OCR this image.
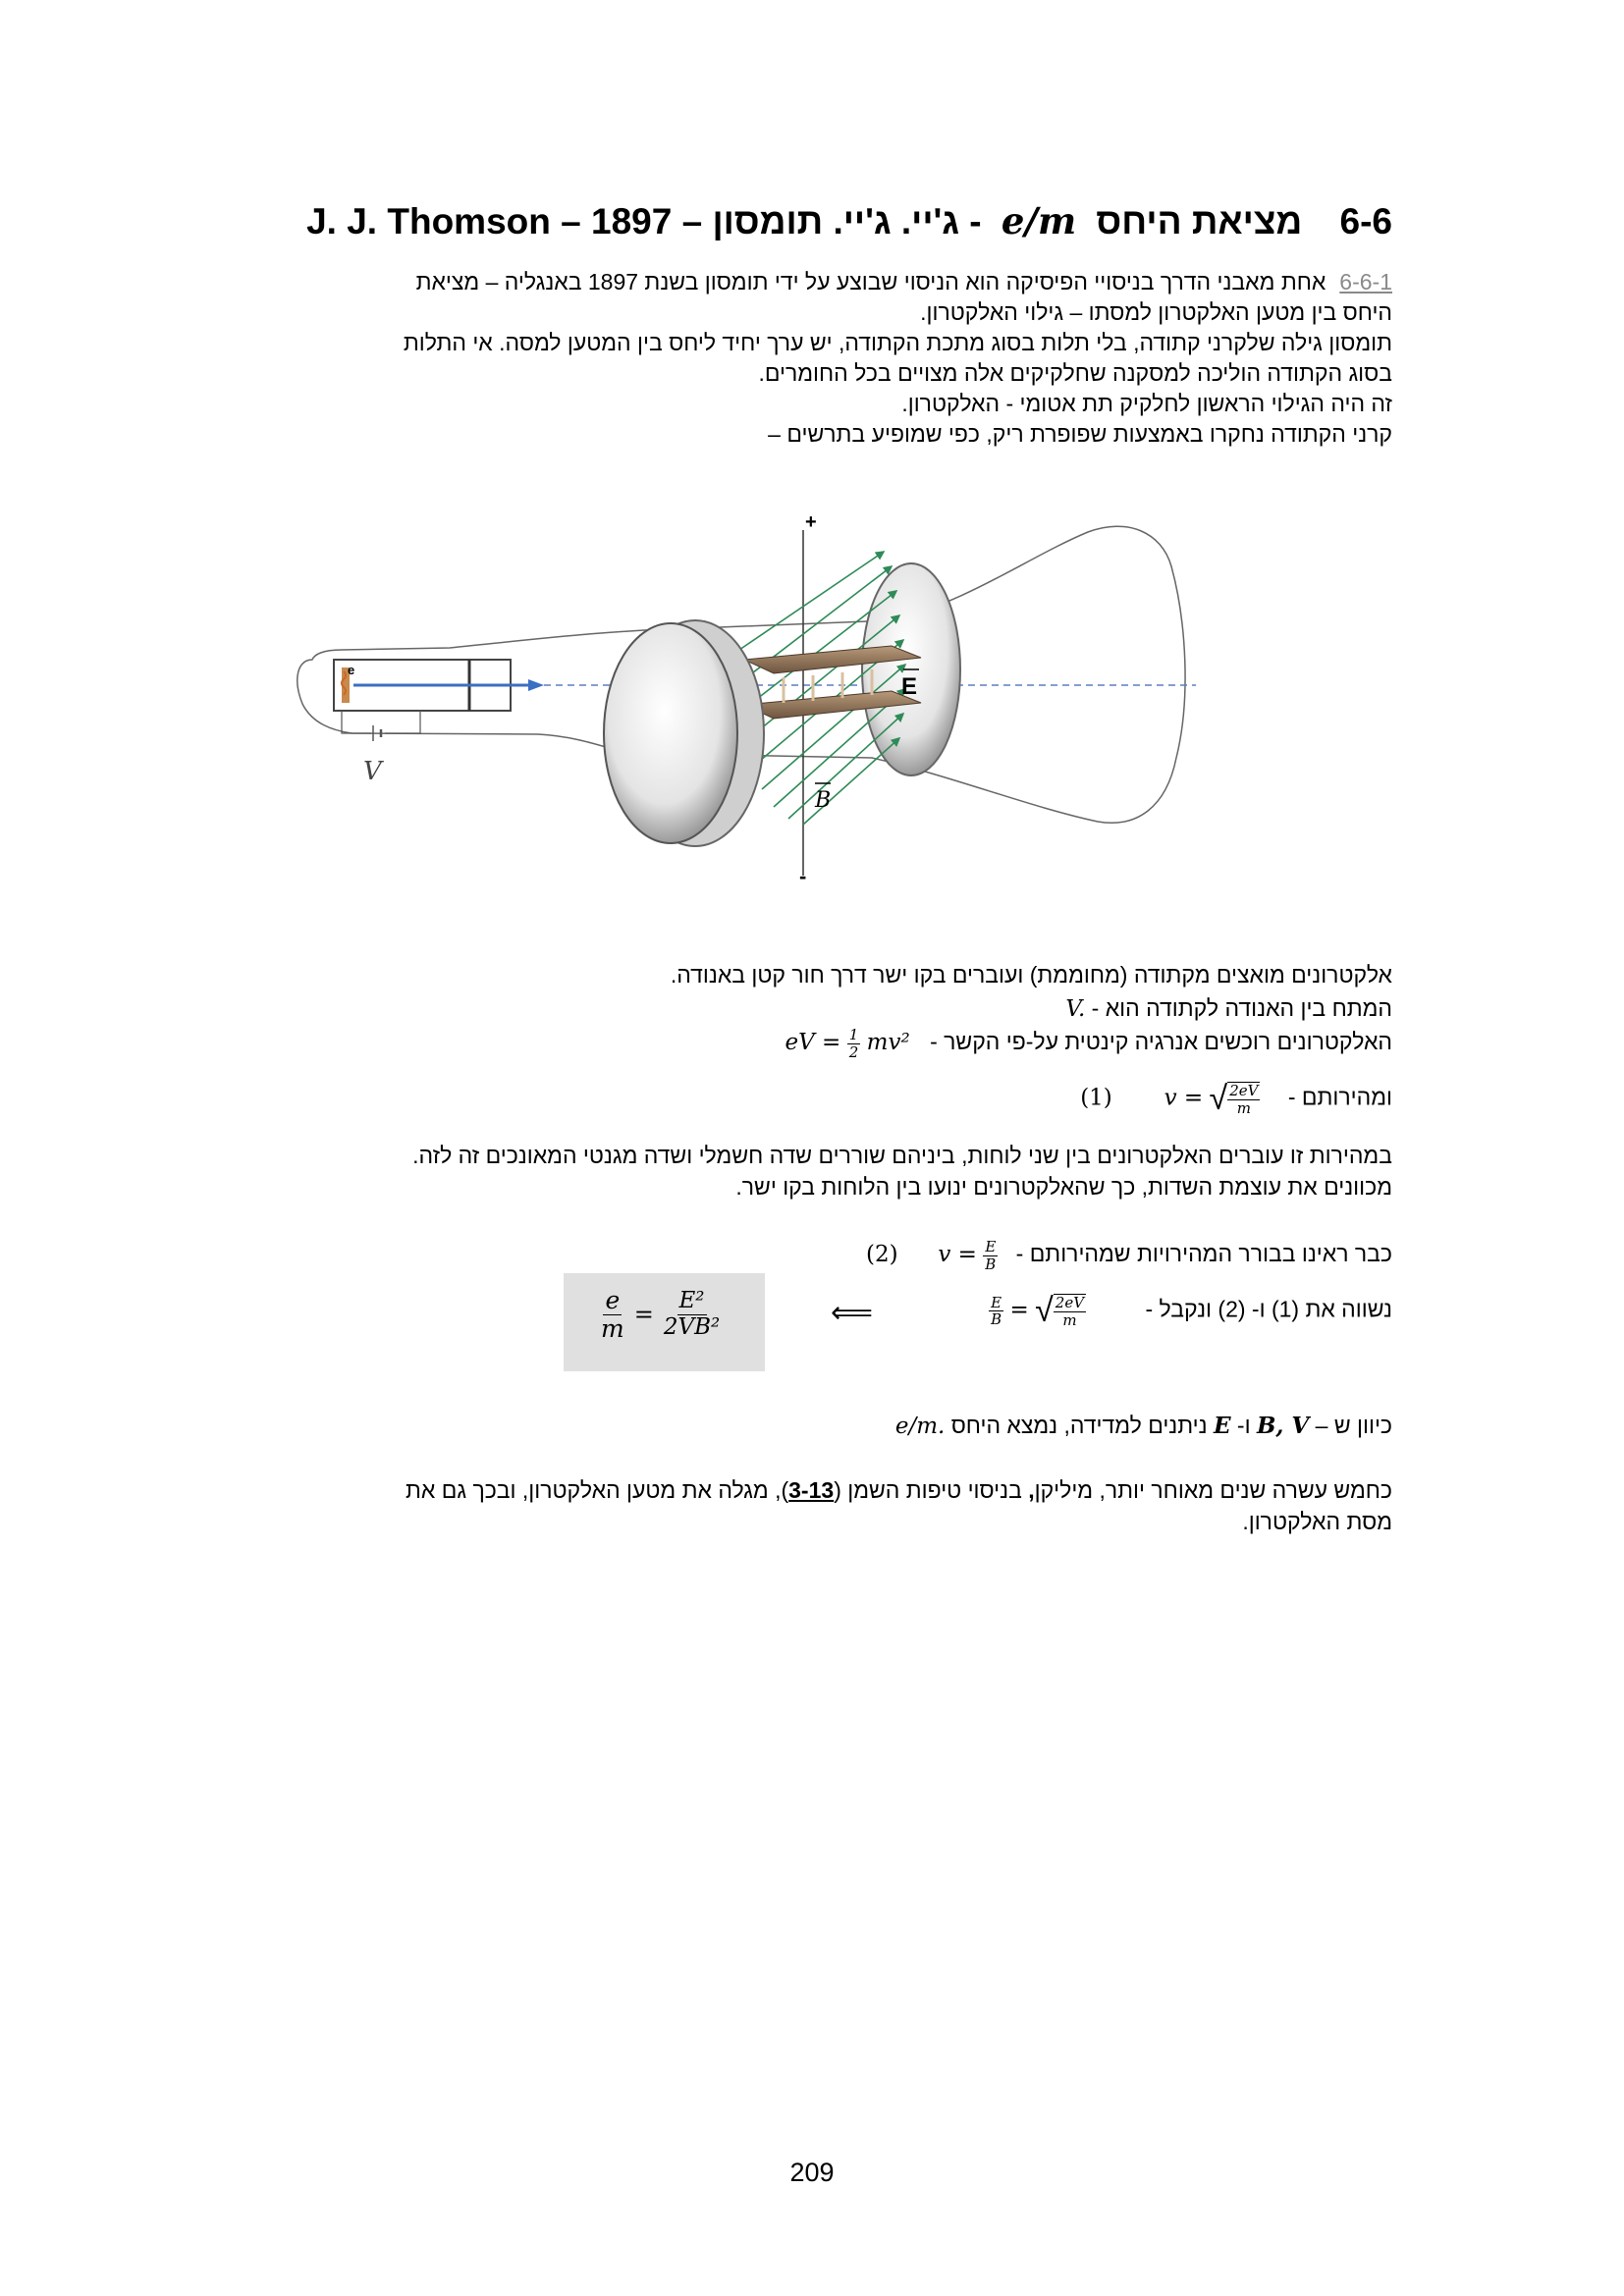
6-6 מציאת היחס e/m - ג'יי. ג'יי. תומסון – 1897 – J. J. Thomson
6-6-1אחת מאבני הדרך בניסויי הפיסיקה הוא הניסוי שבוצע על ידי תומסון בשנת 1897 באנגליה – מציאת
היחס בין מטען האלקטרון למסתו – גילוי האלקטרון.
תומסון גילה שלקרני קתודה, בלי תלות בסוג מתכת הקתודה, יש ערך יחיד ליחס בין המטען למסה. אי התלות
בסוג הקתודה הוליכה למסקנה שחלקיקים אלה מצויים בכל החומרים.
זה היה הגילוי הראשון לחלקיק תת אטומי - האלקטרון.
קרני הקתודה נחקרו באמצעות שפופרת ריק, כפי שמופיע בתרשים –
e
V
+
-
E
B
אלקטרונים מואצים מקתודה (מחוממת) ועוברים בקו ישר דרך חור קטן באנודה.
המתח בין האנודה לקתודה הוא - V.
האלקטרונים רוכשים אנרגיה קינטית על-פי הקשר - eV = $\frac{1}{2} mv^2$
ומהירותם - (1) v = √ $\frac{2eV}{m}$
במהירות זו עוברים האלקטרונים בין שני לוחות, ביניהם שוררים שדה חשמלי ושדה מגנטי המאונכים זה לזה.
מכוונים את עוצמת השדות, כך שהאלקטרונים ינועו בין הלוחות בקו ישר.
כבר ראינו בבורר המהירויות שמהירותם - (2) $v = \frac{E}{B}$
נשווה את (1) ו- (2) ונקבל -
$\frac{E}{B}$ = √ $\frac{2eV}{m}$
⟸
$\frac{e}{m} = \frac{\text{E²}}{\text{2VB²}}$
כיוון ש – B, V ו- E ניתנים למדידה, נמצא היחס e/m.
כחמש עשרה שנים מאוחר יותר, מיליקן, בניסוי טיפות השמן (3-13), מגלה את מטען האלקטרון, ובכך גם את
מסת האלקטרון.
209
